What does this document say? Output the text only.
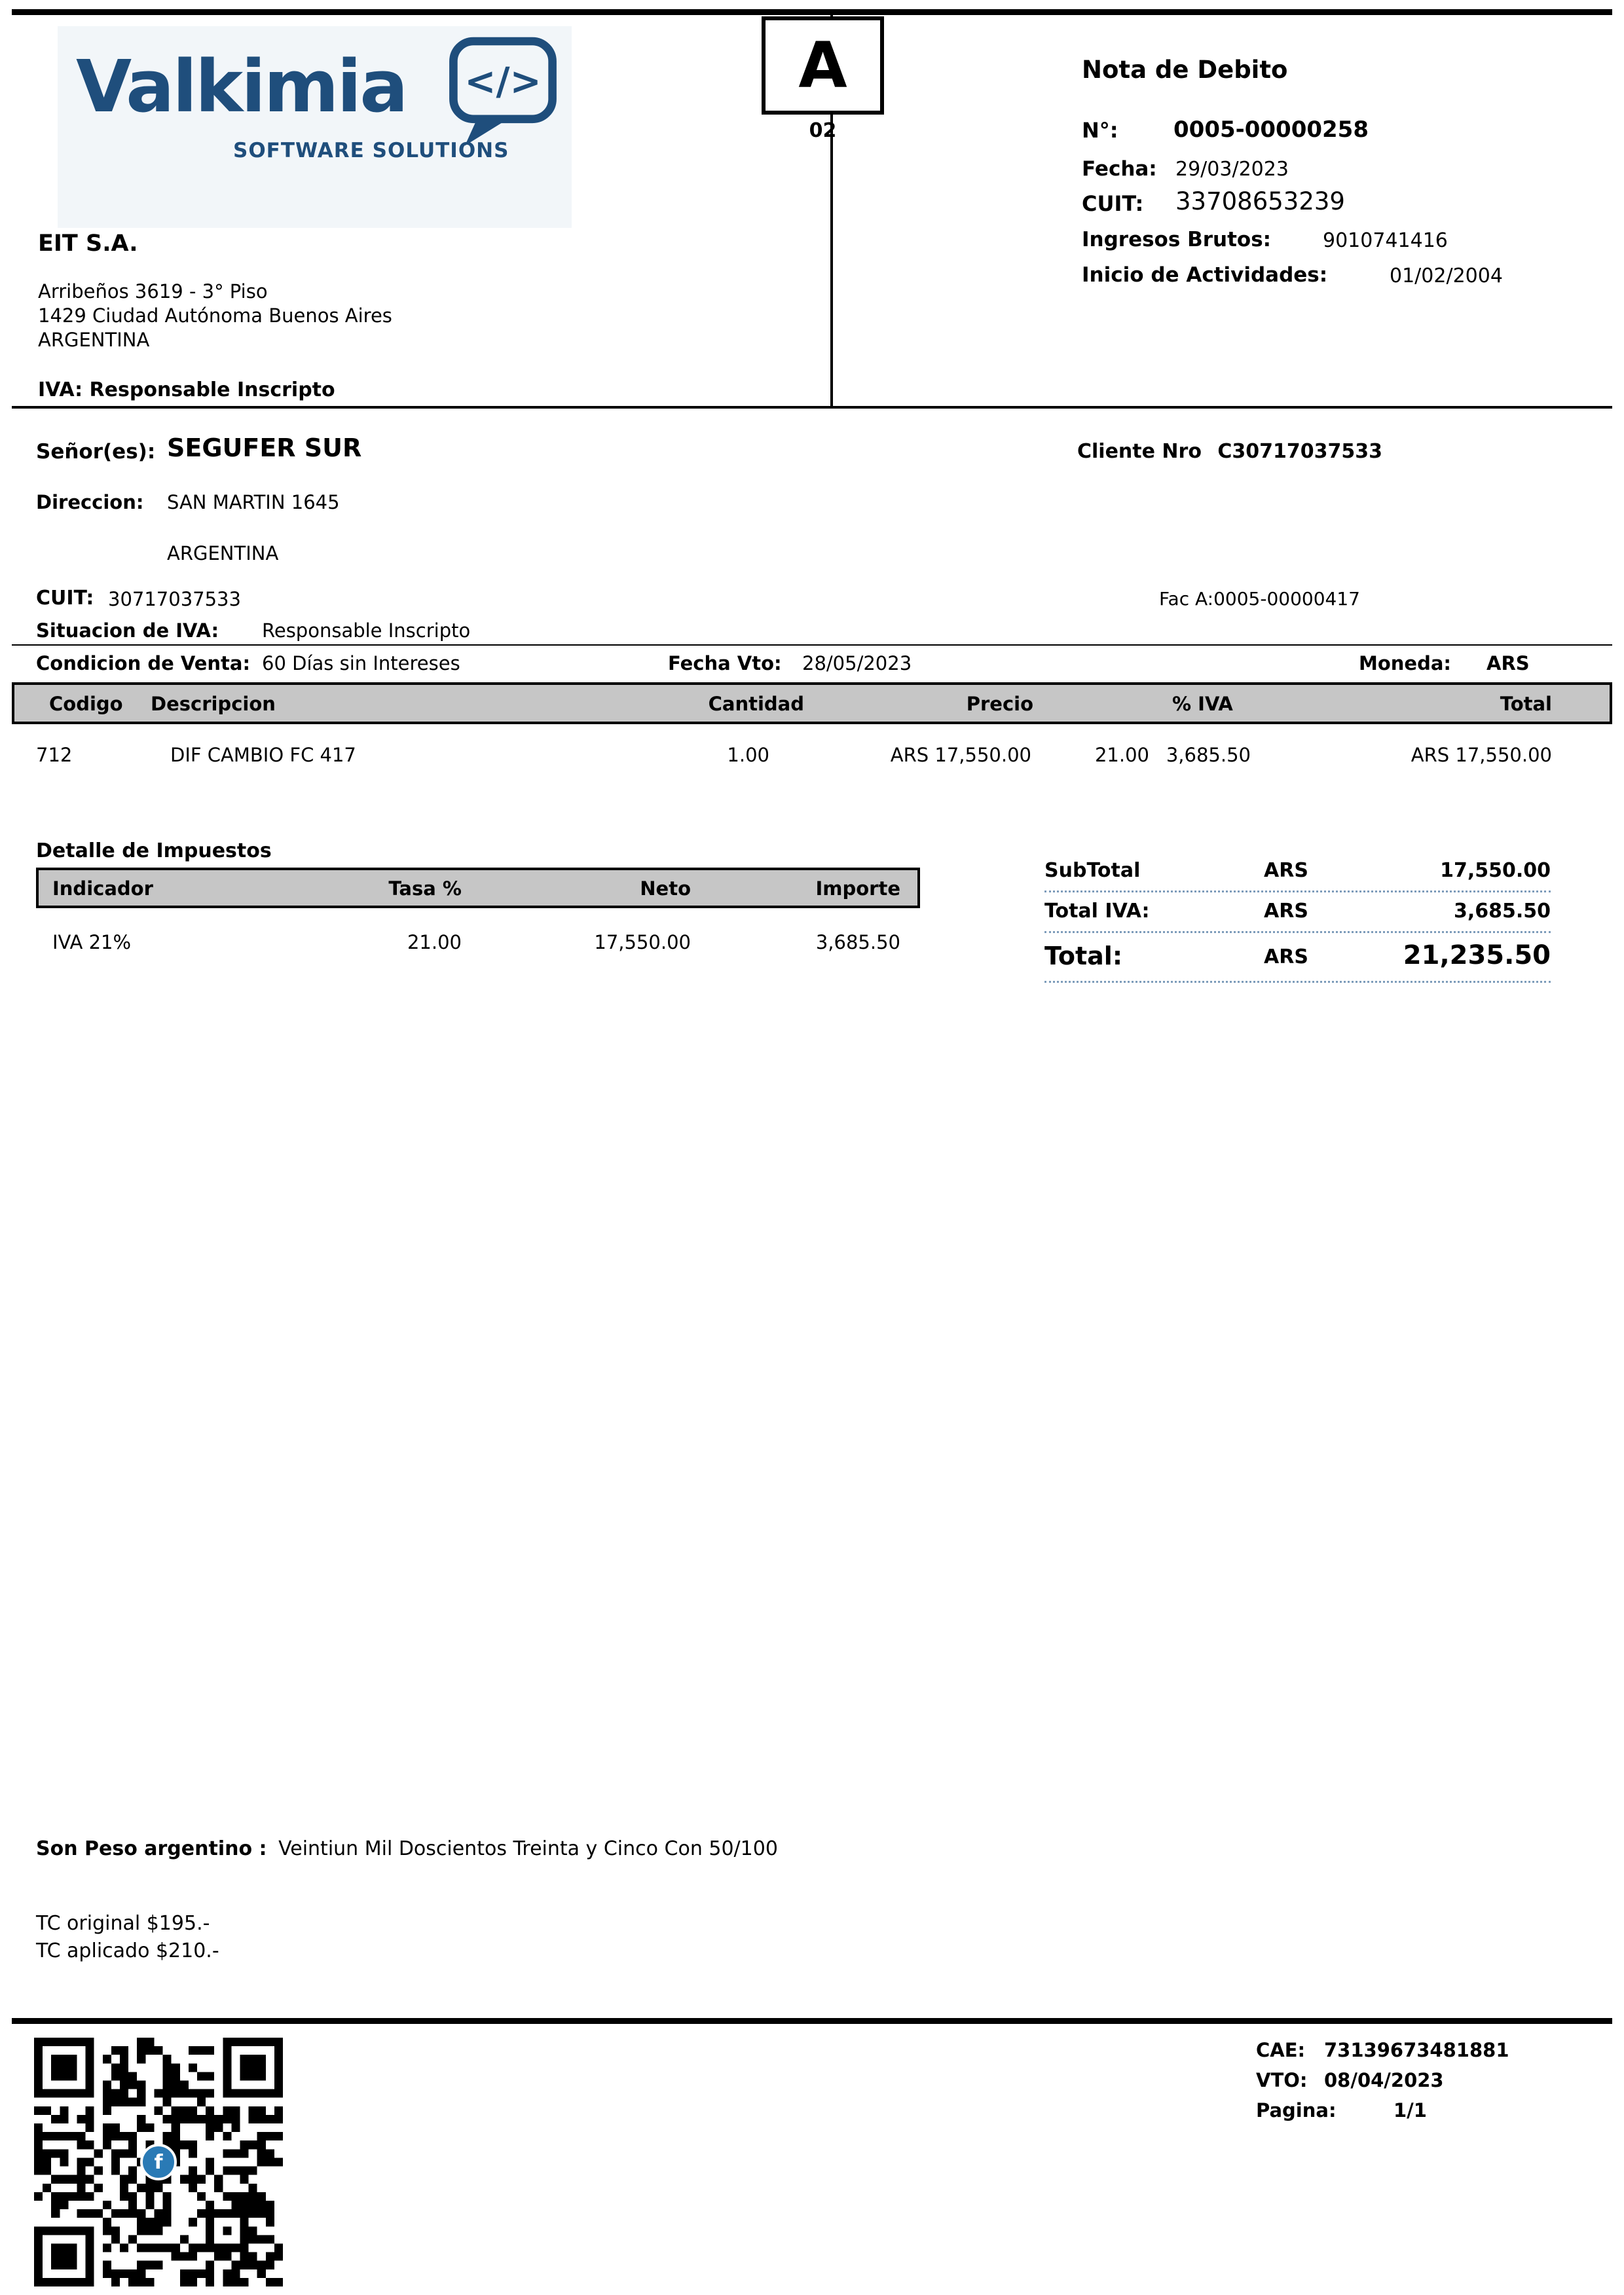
Valkimia
SOFTWARE SOLUTIONS
</>
EIT S.A.
Arribeños 3619 - 3° Piso
1429 Ciudad Autónoma Buenos Aires
ARGENTINA
IVA: Responsable Inscripto
A
02
Nota de Debito
N°: 0005-00000258
Fecha: 29/03/2023
CUIT: 33708653239
Ingresos Brutos:	9010741416
Inicio de Actividades:	01/02/2004
Señor(es): SEGUFER SUR	Cliente Nro C30717037533
Direccion: SAN MARTIN 1645
ARGENTINA
CUIT: 30717037533	Fac A:0005-00000417
Situacion de IVA: Responsable Inscripto
Condicion de Venta: 60 Días sin Intereses	Fecha Vto: 28/05/2023	Moneda: ARS
Codigo Descripcion	Cantidad	Precio	% IVA	Total
712	DIF CAMBIO FC 417	1.00	ARS 17,550.00	21.00 3,685.50	ARS 17,550.00
Detalle de Impuestos
Indicador	Tasa %	Neto	Importe
IVA 21%	21.00	17,550.00	3,685.50
SubTotal	ARS	17,550.00
Total IVA:	ARS	3,685.50
Total:	ARS	21,235.50
Son Peso argentino : Veintiun Mil Doscientos Treinta y Cinco Con 50/100
TC original $195.-
TC aplicado $210.-
f
CAE: 73139673481881
VTO: 08/04/2023
Pagina:	1/1
